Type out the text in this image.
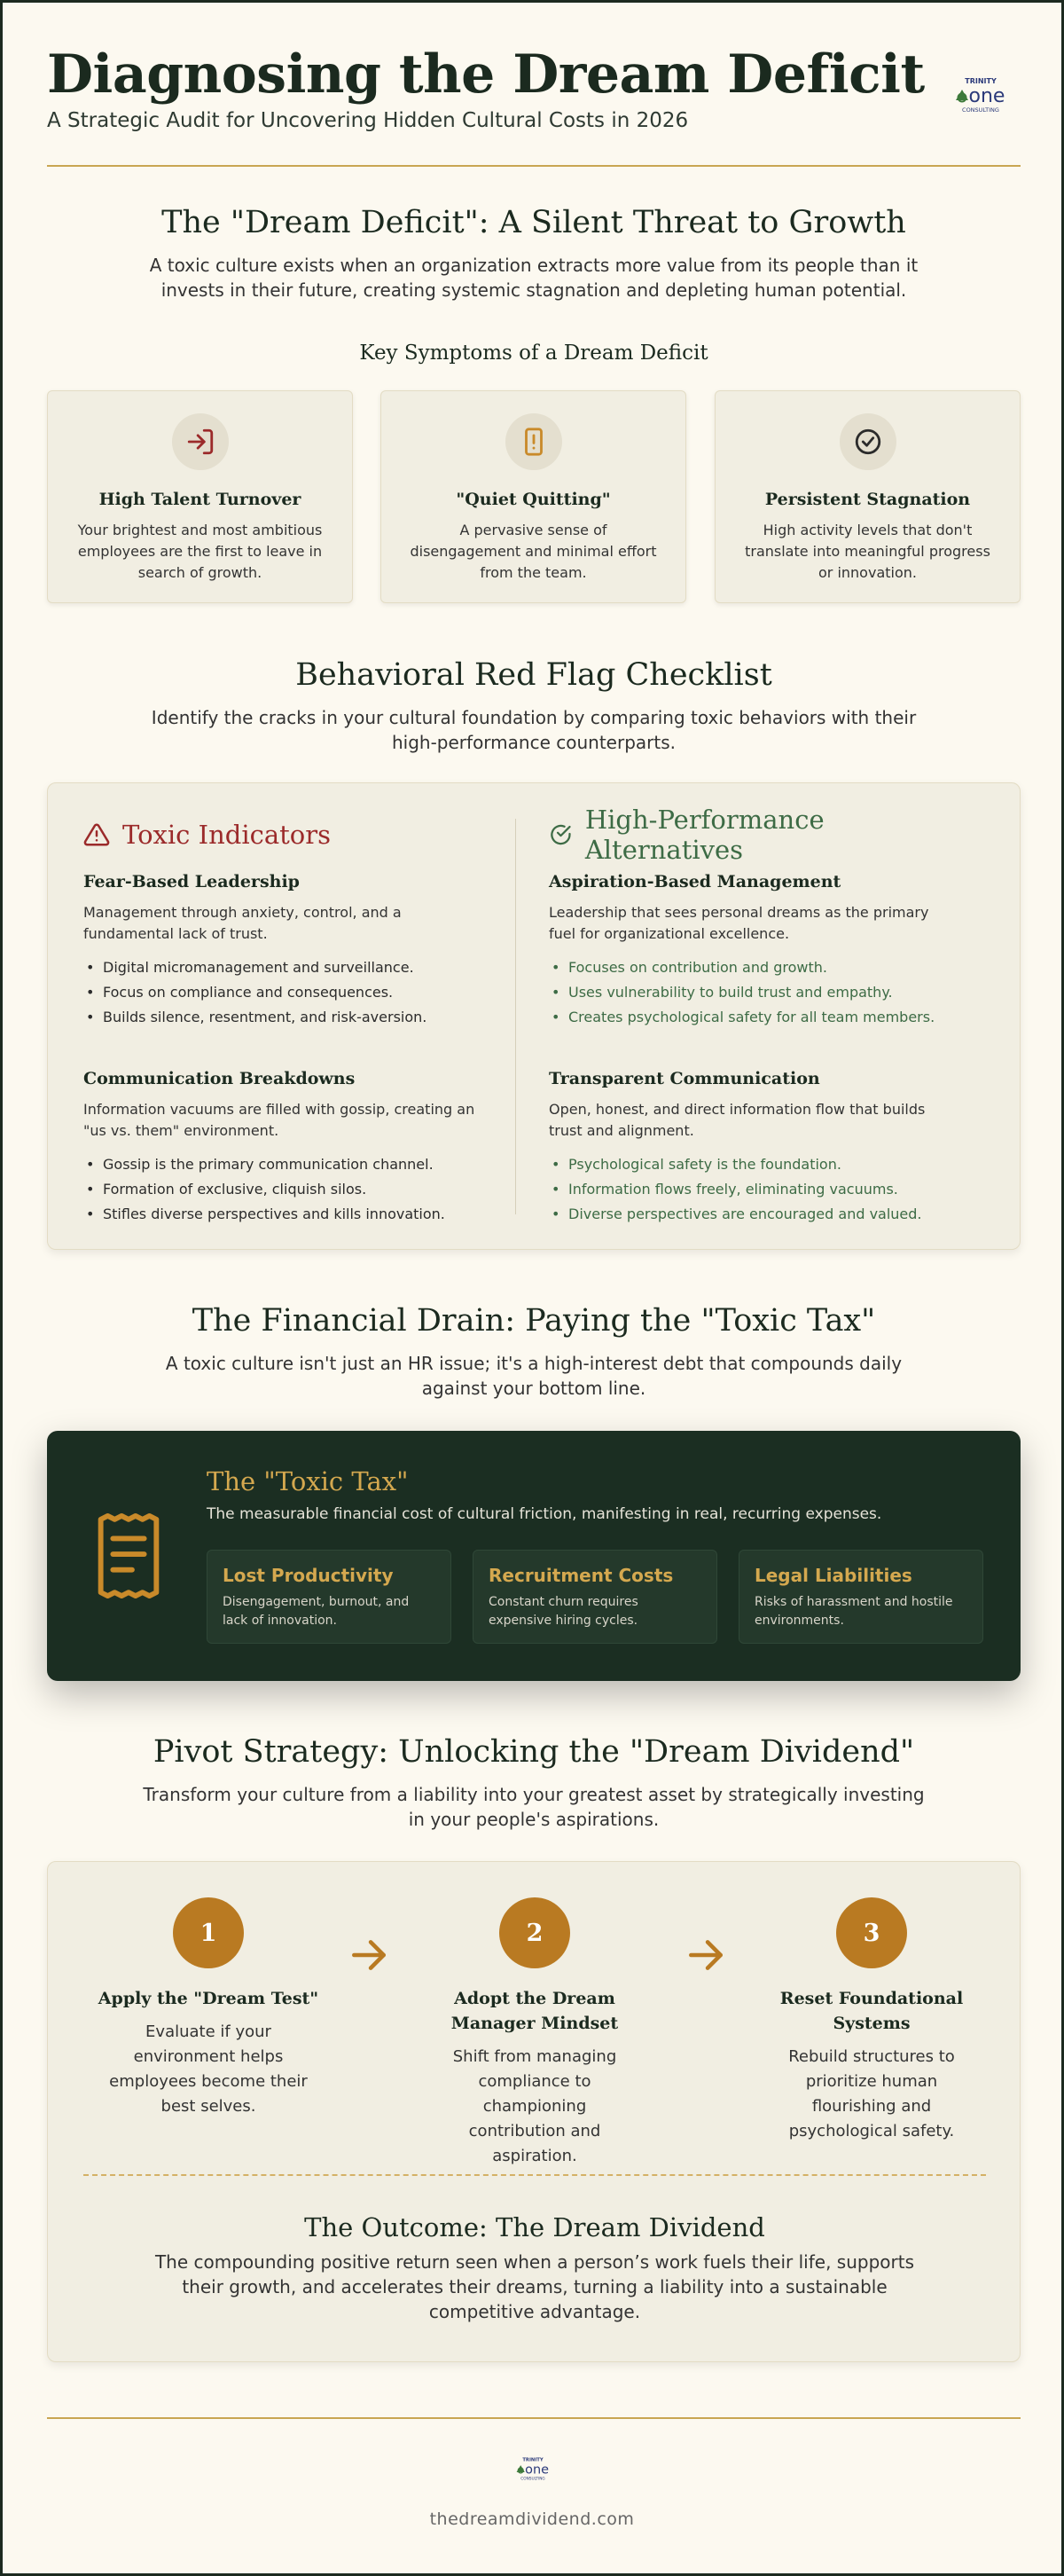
Diagnosing the Dream Deficit
A Strategic Audit for Uncovering Hidden Cultural Costs in 2026
TRINITY
one
CONSULTING
The "Dream Deficit": A Silent Threat to Growth
A toxic culture exists when an organization extracts more value from its people than it invests in their future, creating systemic stagnation and depleting human potential.
Key Symptoms of a Dream Deficit
High Talent Turnover
Your brightest and most ambitious employees are the first to leave in search of growth.
"Quiet Quitting"
A pervasive sense of disengagement and minimal effort from the team.
Persistent Stagnation
High activity levels that don't translate into meaningful progress or innovation.
Behavioral Red Flag Checklist
Identify the cracks in your cultural foundation by comparing toxic behaviors with their high-performance counterparts.
Toxic Indicators
Fear-Based Leadership
Management through anxiety, control, and a fundamental lack of trust.
• Digital micromanagement and surveillance.
• Focus on compliance and consequences.
• Builds silence, resentment, and risk-aversion.
Communication Breakdowns
Information vacuums are filled with gossip, creating an "us vs. them" environment.
• Gossip is the primary communication channel.
• Formation of exclusive, cliquish silos.
• Stifles diverse perspectives and kills innovation.
High-Performance Alternatives
Aspiration-Based Management
Leadership that sees personal dreams as the primary fuel for organizational excellence.
• Focuses on contribution and growth.
• Uses vulnerability to build trust and empathy.
• Creates psychological safety for all team members.
Transparent Communication
Open, honest, and direct information flow that builds trust and alignment.
• Psychological safety is the foundation.
• Information flows freely, eliminating vacuums.
• Diverse perspectives are encouraged and valued.
The Financial Drain: Paying the "Toxic Tax"
A toxic culture isn't just an HR issue; it's a high-interest debt that compounds daily against your bottom line.
The "Toxic Tax"
The measurable financial cost of cultural friction, manifesting in real, recurring expenses.
Lost Productivity
Disengagement, burnout, and lack of innovation.
Recruitment Costs
Constant churn requires expensive hiring cycles.
Legal Liabilities
Risks of harassment and hostile environments.
Pivot Strategy: Unlocking the "Dream Dividend"
Transform your culture from a liability into your greatest asset by strategically investing in your people's aspirations.
1
Apply the "Dream Test"
Evaluate if your environment helps employees become their best selves.
2
Adopt the Dream Manager Mindset
Shift from managing compliance to championing contribution and aspiration.
3
Reset Foundational Systems
Rebuild structures to prioritize human flourishing and psychological safety.
The Outcome: The Dream Dividend
The compounding positive return seen when a person’s work fuels their life, supports their growth, and accelerates their dreams, turning a liability into a sustainable competitive advantage.
TRINITY
one
CONSULTING
thedreamdividend.com
